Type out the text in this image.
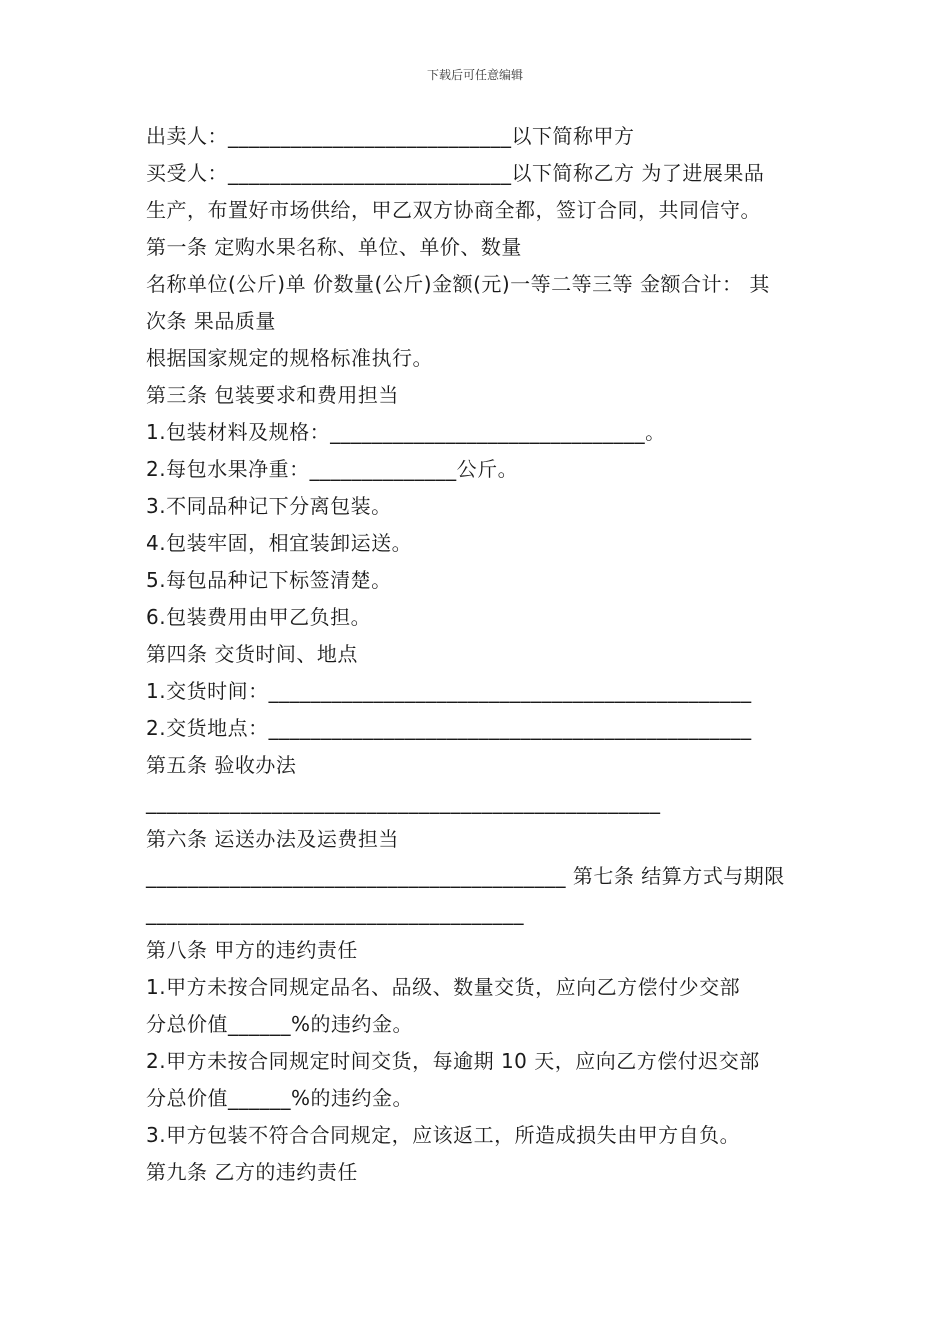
下载后可任意编辑
出卖人：___________________________以下简称甲方
买受人：___________________________以下简称乙方 为了进展果品
生产，布置好市场供给，甲乙双方协商全都，签订合同，共同信守。
第一条 定购水果名称、单位、单价、数量
名称单位(公斤)单 价数量(公斤)金额(元)一等二等三等 金额合计： 其
次条 果品质量
根据国家规定的规格标准执行。
第三条 包装要求和费用担当
1.包装材料及规格：______________________________。
2.每包水果净重：______________公斤。
3.不同品种记下分离包装。
4.包装牢固，相宜装卸运送。
5.每包品种记下标签清楚。
6.包装费用由甲乙负担。
第四条 交货时间、地点
1.交货时间：______________________________________________
2.交货地点：______________________________________________
第五条 验收办法
_________________________________________________
第六条 运送办法及运费担当
________________________________________ 第七条 结算方式与期限
____________________________________
第八条 甲方的违约责任
1.甲方未按合同规定品名、品级、数量交货，应向乙方偿付少交部
分总价值______%的违约金。
2.甲方未按合同规定时间交货，每逾期 10 天，应向乙方偿付迟交部
分总价值______%的违约金。
3.甲方包装不符合合同规定，应该返工，所造成损失由甲方自负。
第九条 乙方的违约责任
